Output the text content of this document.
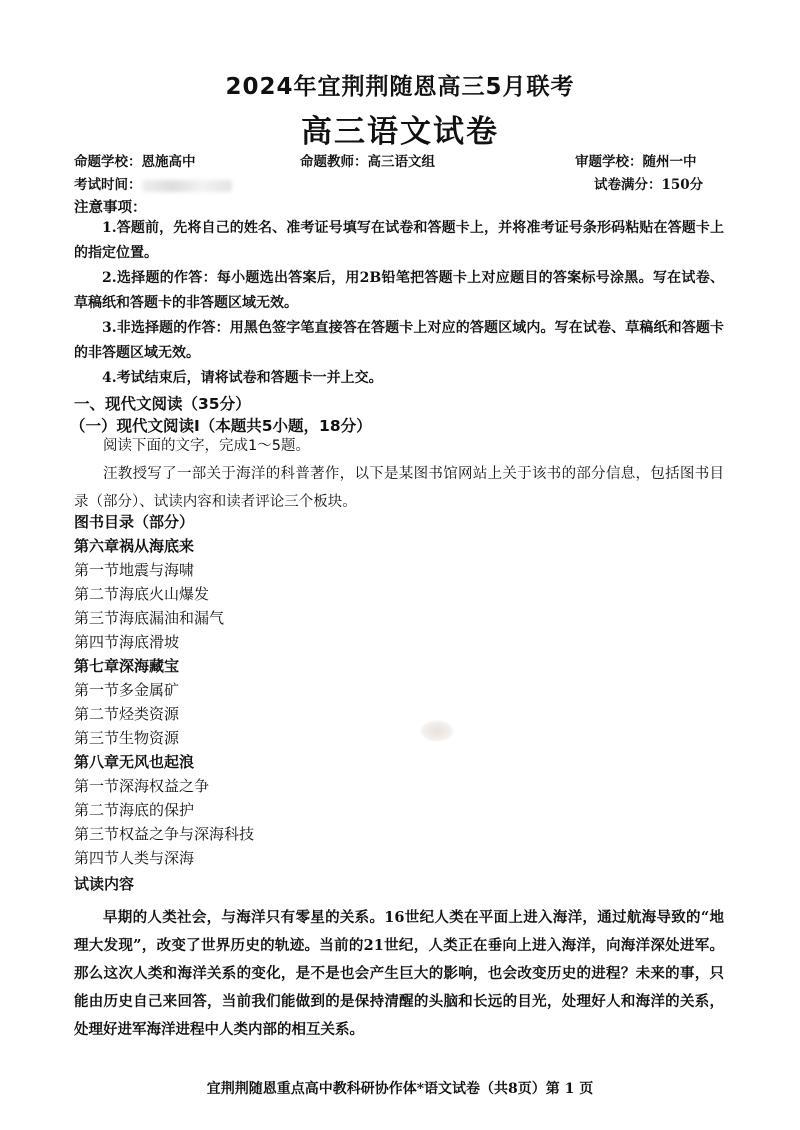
2024年宜荆荆随恩高三5月联考
高三语文试卷
命题学校：恩施高中	命题教师：高三语文组	审题学校：随州一中
考试时间：	试卷满分：150分
注意事项：
1.答题前，先将自己的姓名、准考证号填写在试卷和答题卡上，并将准考证号条形码粘贴在答题卡上的指定位置。
2.选择题的作答：每小题选出答案后，用2B铅笔把答题卡上对应题目的答案标号涂黑。写在试卷、草稿纸和答题卡的非答题区域无效。
3.非选择题的作答：用黑色签字笔直接答在答题卡上对应的答题区域内。写在试卷、草稿纸和答题卡的非答题区域无效。
4.考试结束后，请将试卷和答题卡一并上交。
一、现代文阅读（35分）
（一）现代文阅读Ⅰ（本题共5小题，18分）
阅读下面的文字，完成1～5题。
汪教授写了一部关于海洋的科普著作，以下是某图书馆网站上关于该书的部分信息，包括图书目录（部分）、试读内容和读者评论三个板块。
图书目录（部分）
第六章祸从海底来
第一节地震与海啸
第二节海底火山爆发
第三节海底漏油和漏气
第四节海底滑坡
第七章深海藏宝
第一节多金属矿
第二节烃类资源
第三节生物资源
第八章无风也起浪
第一节深海权益之争
第二节海底的保护
第三节权益之争与深海科技
第四节人类与深海
试读内容
早期的人类社会，与海洋只有零星的关系。16世纪人类在平面上进入海洋，通过航海导致的“地理大发现”，改变了世界历史的轨迹。当前的21世纪，人类正在垂向上进入海洋，向海洋深处进军。那么这次人类和海洋关系的变化，是不是也会产生巨大的影响，也会改变历史的进程？未来的事，只能由历史自己来回答，当前我们能做到的是保持清醒的头脑和长远的目光，处理好人和海洋的关系，处理好进军海洋进程中人类内部的相互关系。
宜荆荆随恩重点高中教科研协作体*语文试卷（共8页）第 1 页
